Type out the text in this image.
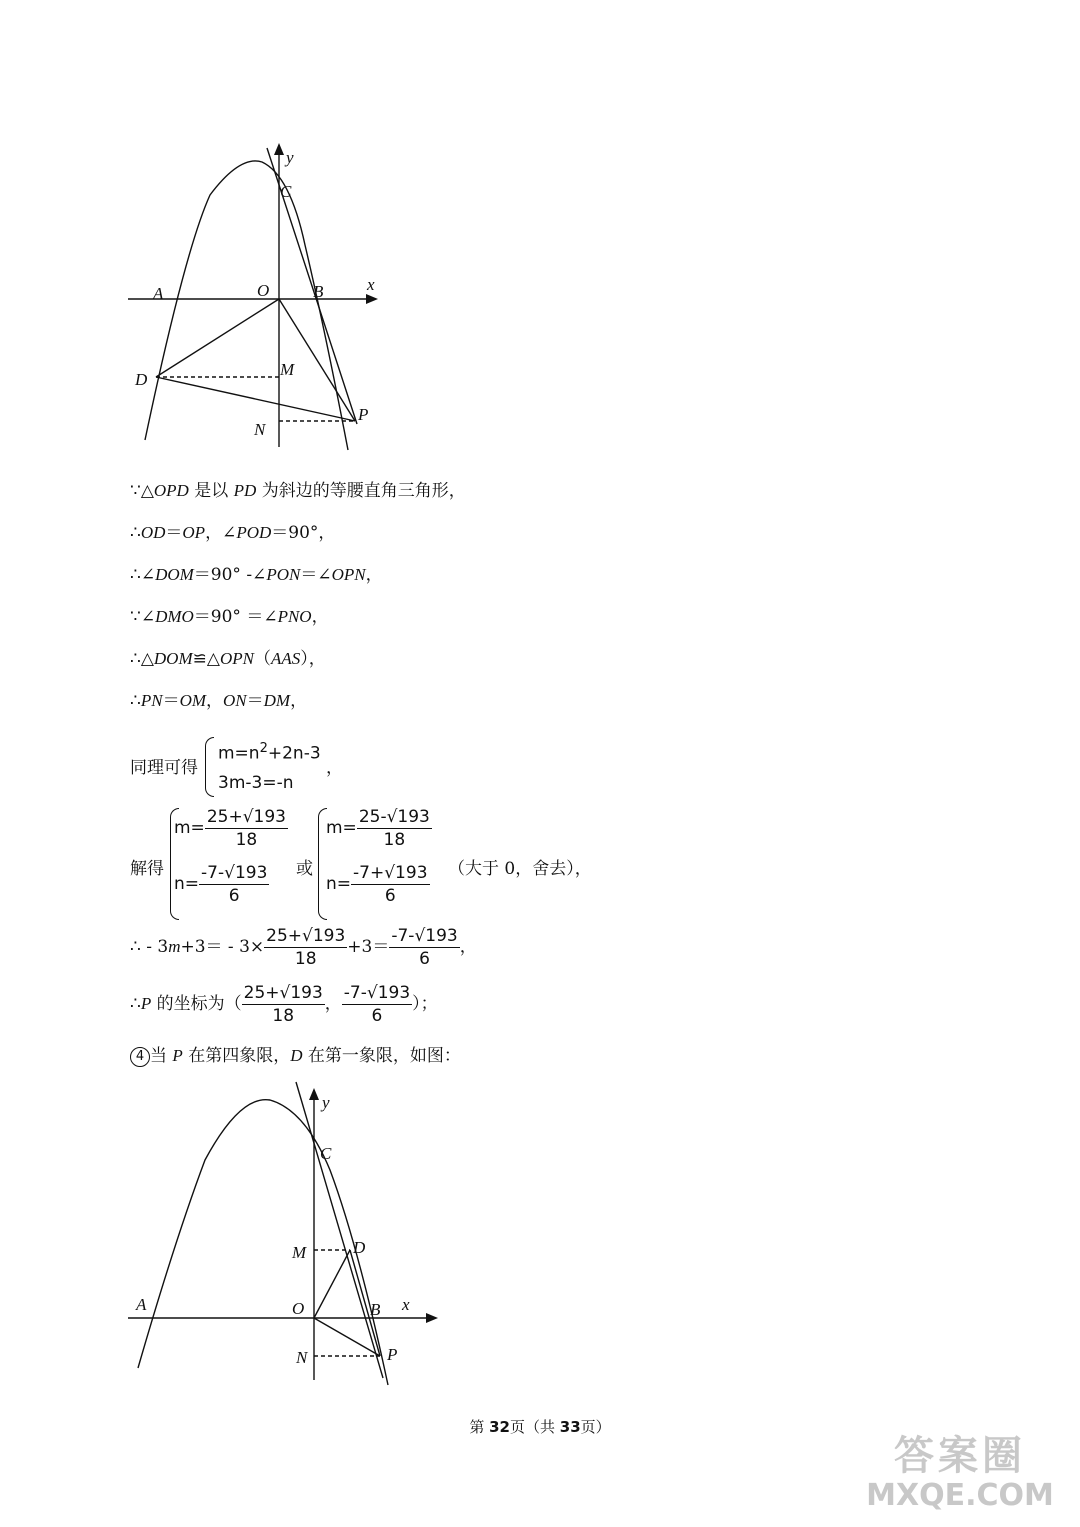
y
C
x
A	O	B
D
M
P
N
∵△OPD 是以 PD 为斜边的等腰直角三角形，
∴OD＝OP，∠POD＝90°，
∴∠DOM＝90° -∠PON＝∠OPN，
∵∠DMO＝90° ＝∠PNO，
∴△DOM≌△OPN（AAS），
∴PN＝OM，ON＝DM，
同理可得
$m=n^2+2n-3$
3m-3=-n
，
解得
$m= \frac{25+√193}{18}$
$n= \frac{-7-√193}{6}$ 或
$m= \frac{25-√193}{18}$
$n= \frac{-7+√193}{6}$ （大于 0，舍去），
∴ - $3m+3= - 3\times \frac{25+√193}{18} +3= \frac{-7-√193}{6}$ ，
∴P 的坐标为（ $\frac{25+√193}{18}$ ， $\frac{-7-√193}{6}$ ）；
4 当 P 在第四象限，D 在第一象限，如图：
y
C
M	D
A	O	B x
N	P
第 32页（共 33页）
答案圈
MXQE.COM
